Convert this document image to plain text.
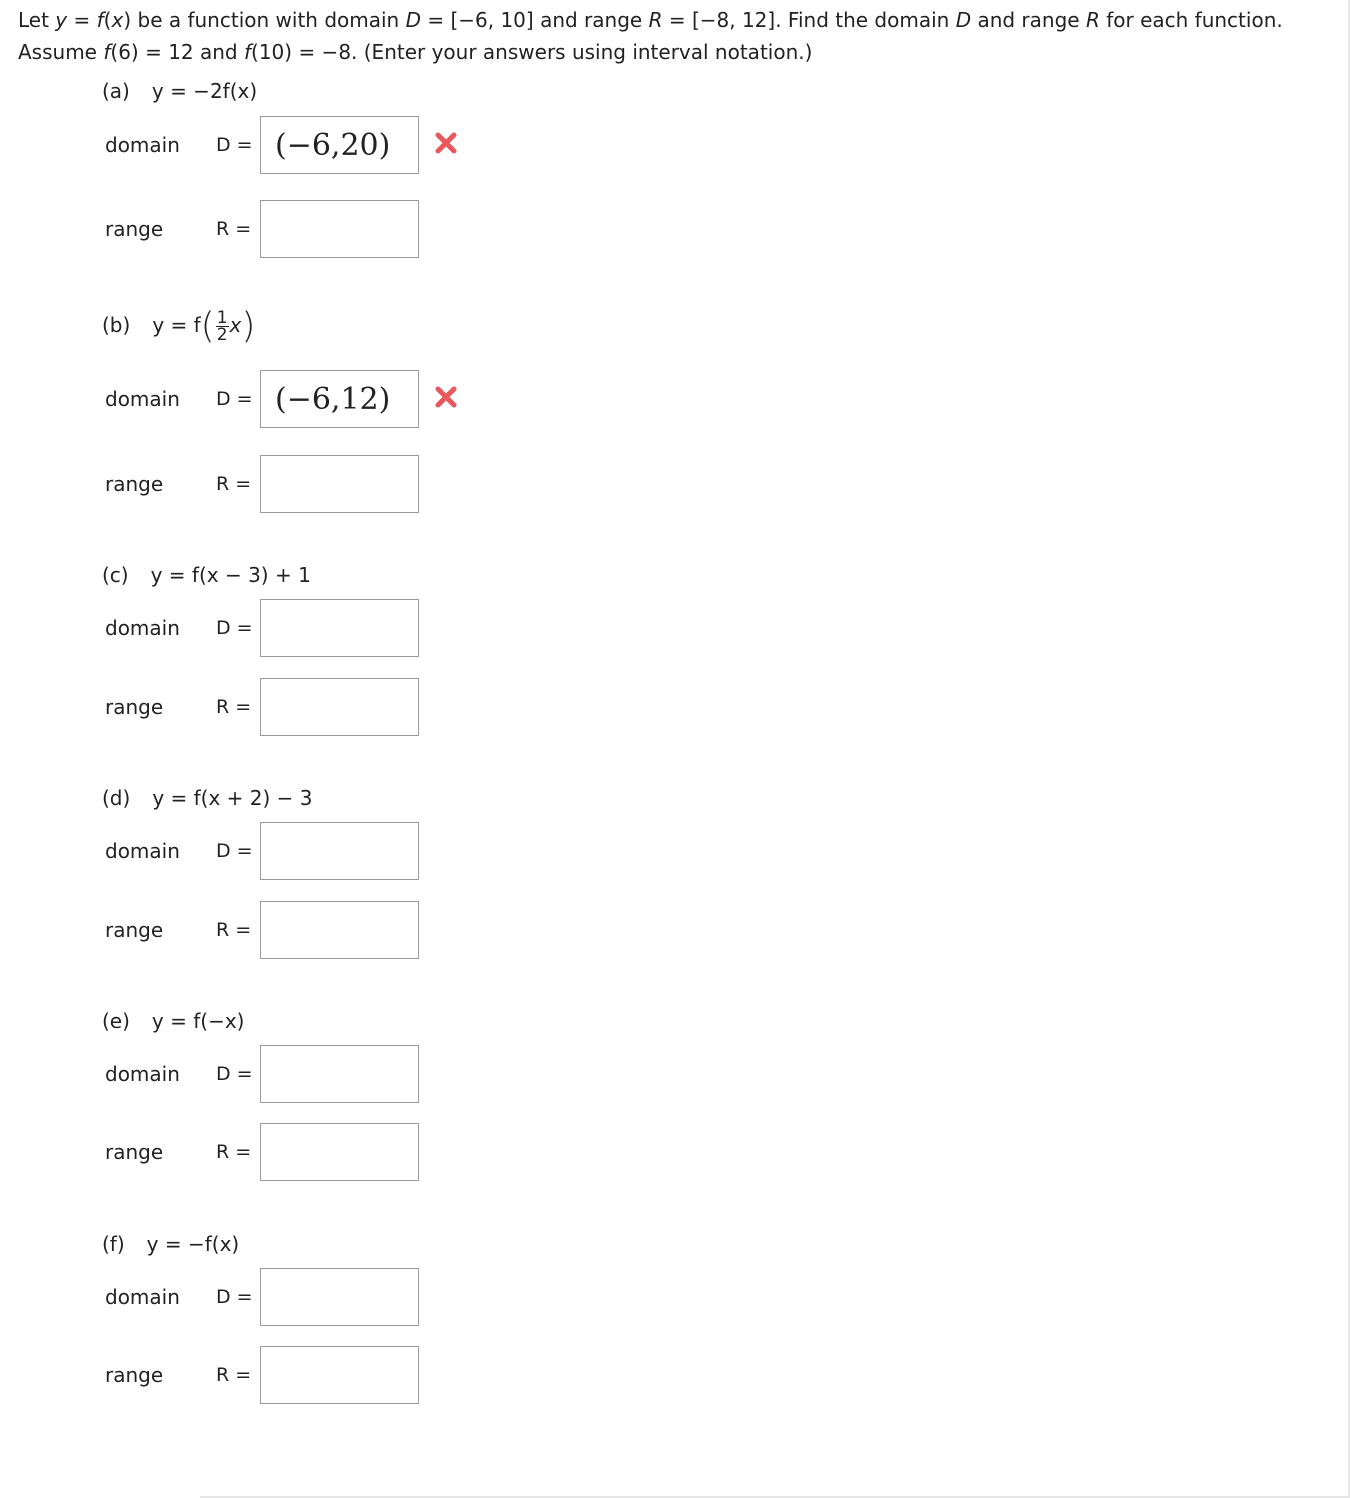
Let y = f(x) be a function with domain D = [−6, 10] and range R = [−8, 12]. Find the domain D and range R for each function. Assume f(6) = 12 and f(10) = −8. (Enter your answers using interval notation.)
(a) y = −2f(x)
domain D = (−6,20)
range	R =
(b) $y = f( \frac{1}{2} x)$
domain D = (−6,12)
range	R =
(c) y = f(x − 3) + 1
domain D =
range	R =
(d) y = f(x + 2) − 3
domain D =
range	R =
(e) y = f(−x)
domain D =
range	R =
(f) y = −f(x)
domain D =
range	R =
